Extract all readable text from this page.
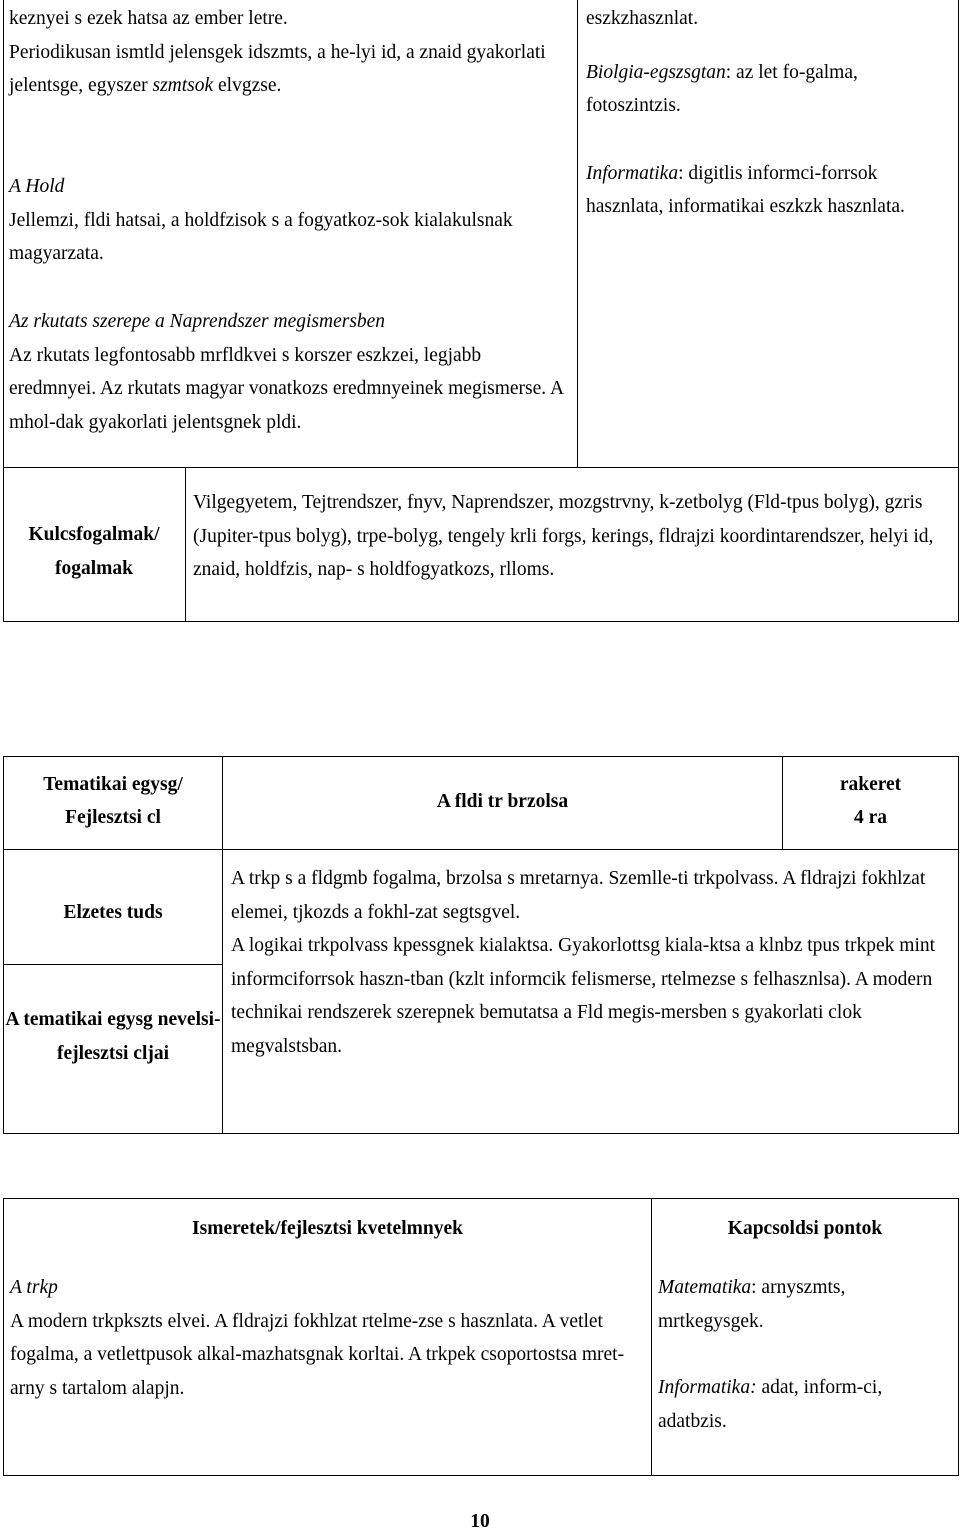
keznyei s ezek hatsa az ember letre.

Periodikusan ismtld jelensgek idszmts, a he-lyi id, a znaid gyakorlati jelentsge, egyszer szmtsok elvgzse.

A Hold

Jellemzi, fldi hatsai, a holdfzisok s a fogyatkoz-sok kialakulsnak magyarzata.

Az rkutats szerepe a Naprendszer megismersben

Az rkutats legfontosabb mrfldkvei s korszer eszkzei, legjabb eredmnyei. Az rkutats magyar vonatkozs eredmnyeinek megismerse. A mhol-dak gyakorlati jelentsgnek pldi.

eszkzhasznlat.

Biolgia-egszsgtan: az let fo-galma, fotoszintzis.

Informatika: digitlis informci-forrsok hasznlata, informatikai eszkzk hasznlata.

Kulcsfogalmak/ fogalmak
Vilgegyetem, Tejtrendszer, fnyv, Naprendszer, mozgstrvny, k-zetbolyg (Fld-tpus bolyg), gzris (Jupiter-tpus bolyg), trpe-bolyg, tengely krli forgs, kerings, fldrajzi koordintarendszer, helyi id, znaid, holdfzis, nap- s holdfogyatkozs, rlloms.
Tematikai egysg/ Fejlesztsi cl
A fldi tr brzolsa
rakeret
4 ra
Elzetes tuds
A tematikai egysg nevelsi-fejlesztsi cljai

A trkp s a fldgmb fogalma, brzolsa s mretarnya. Szemlle-ti trkpolvass. A fldrajzi fokhlzat elemei, tjkozds a fokhl-zat segtsgvel.

A logikai trkpolvass kpessgnek kialaktsa. Gyakorlottsg kiala-ktsa a klnbz tpus trkpek mint informciforrsok haszn-tban (kzlt informcik felismerse, rtelmezse s felhasznlsa). A modern technikai rendszerek szerepnek bemutatsa a Fld megis-mersben s gyakorlati clok megvalstsban.

Ismeretek/fejlesztsi kvetelmnyek	Kapcsoldsi pontok

A trkp

A modern trkpkszts elvei. A fldrajzi fokhlzat rtelme-zse s hasznlata. A vetlet fogalma, a vetlettpusok alkal-mazhatsgnak korltai. A trkpek csoportostsa mret-arny s tartalom alapjn.

Matematika: arnyszmts, mrtkegysgek.

Informatika: adat, inform-ci, adatbzis.

10
